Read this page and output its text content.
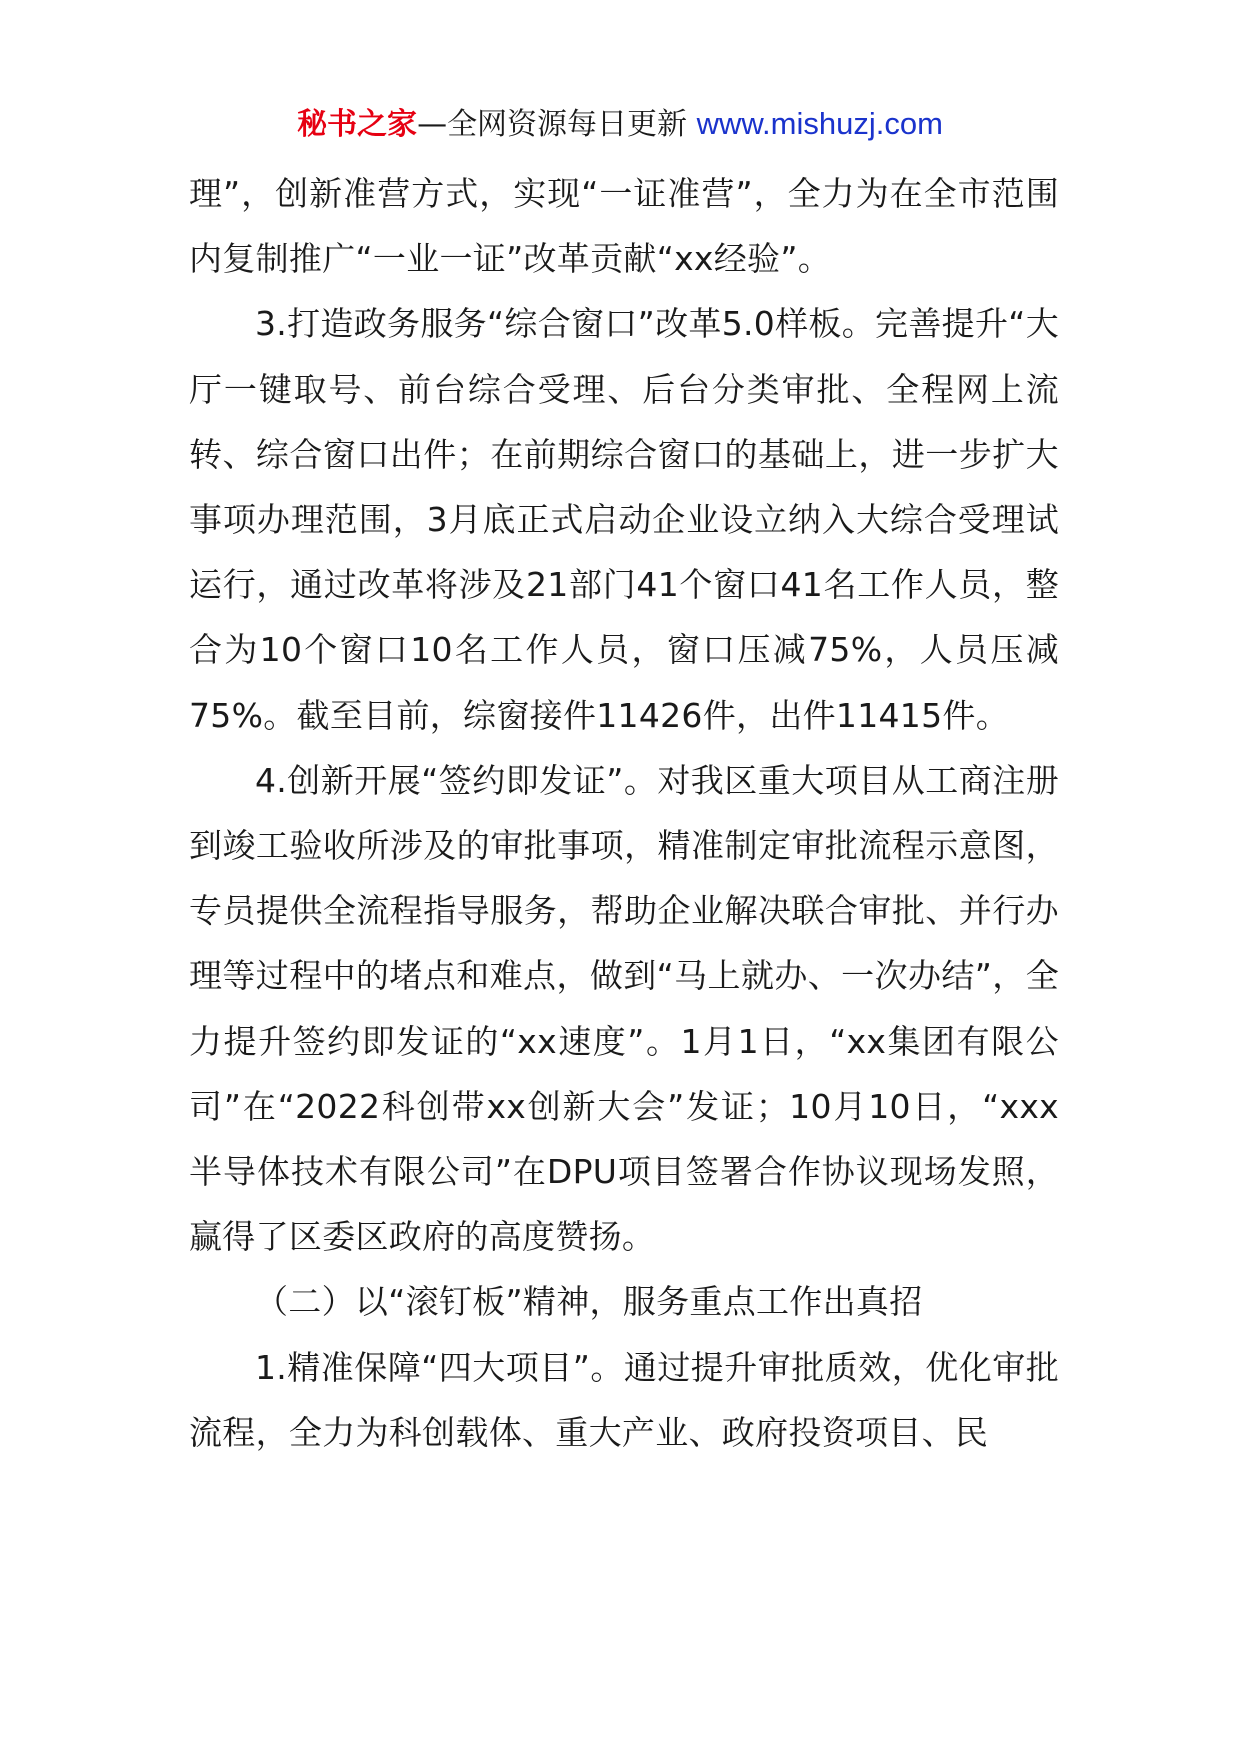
秘书之家—全网资源每日更新 www.mishuzj.com

理”，创新准营方式，实现“一证准营”，全力为在全市范围内复制推广“一业一证”改革贡献“xx经验”。

3.打造政务服务“综合窗口”改革5.0样板。完善提升“大厅一键取号、前台综合受理、后台分类审批、全程网上流转、综合窗口出件；在前期综合窗口的基础上，进一步扩大事项办理范围，3月底正式启动企业设立纳入大综合受理试运行，通过改革将涉及21部门41个窗口41名工作人员，整合为10个窗口10名工作人员，窗口压减75%，人员压减75%。截至目前，综窗接件11426件，出件11415件。

4.创新开展“签约即发证”。对我区重大项目从工商注册到竣工验收所涉及的审批事项，精准制定审批流程示意图，专员提供全流程指导服务，帮助企业解决联合审批、并行办理等过程中的堵点和难点，做到“马上就办、一次办结”，全力提升签约即发证的“xx速度”。1月1日，“xx集团有限公司”在“2022科创带xx创新大会”发证；10月10日，“xxx半导体技术有限公司”在DPU项目签署合作协议现场发照，赢得了区委区政府的高度赞扬。

（二）以“滚钉板”精神，服务重点工作出真招

1.精准保障“四大项目”。通过提升审批质效，优化审批流程，全力为科创载体、重大产业、政府投资项目、民
